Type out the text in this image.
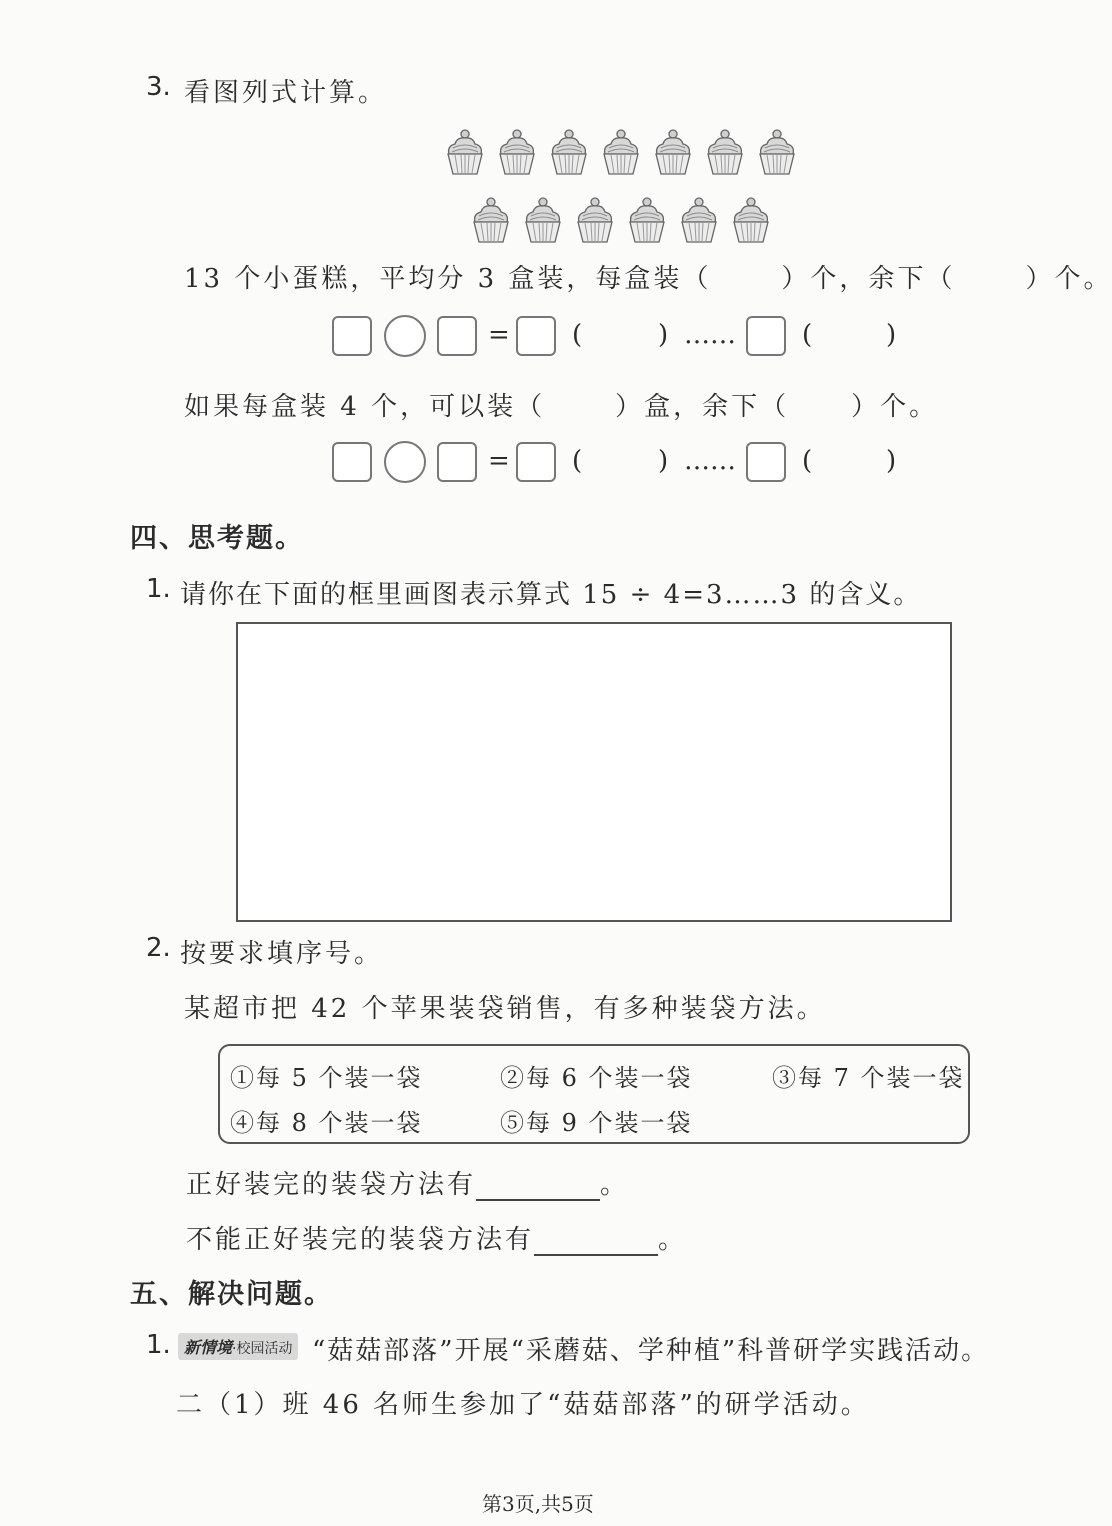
3. 看图列式计算。
13 个小蛋糕，平均分 3 盒装，每盒装（	）个，余下（	）个。
= (	) ……	(	)
如果每盒装 4 个，可以装（	）盒，余下（ ）个。
= (	) ……	(	)
四、思考题。
1. 请你在下面的框里画图表示算式 15 ÷ 4=3……3 的含义。
2. 按要求填序号。
某超市把 42 个苹果装袋销售，有多种装袋方法。
①每 5 个装一袋	②每 6 个装一袋	③每 7 个装一袋
④每 8 个装一袋	⑤每 9 个装一袋
正好装完的装袋方法有	。
不能正好装完的装袋方法有	。
五、解决问题。
1. 新情境·校园活动 “菇菇部落”开展“采蘑菇、学种植”科普研学实践活动。
二（1）班 46 名师生参加了“菇菇部落”的研学活动。
第3页,共5页
